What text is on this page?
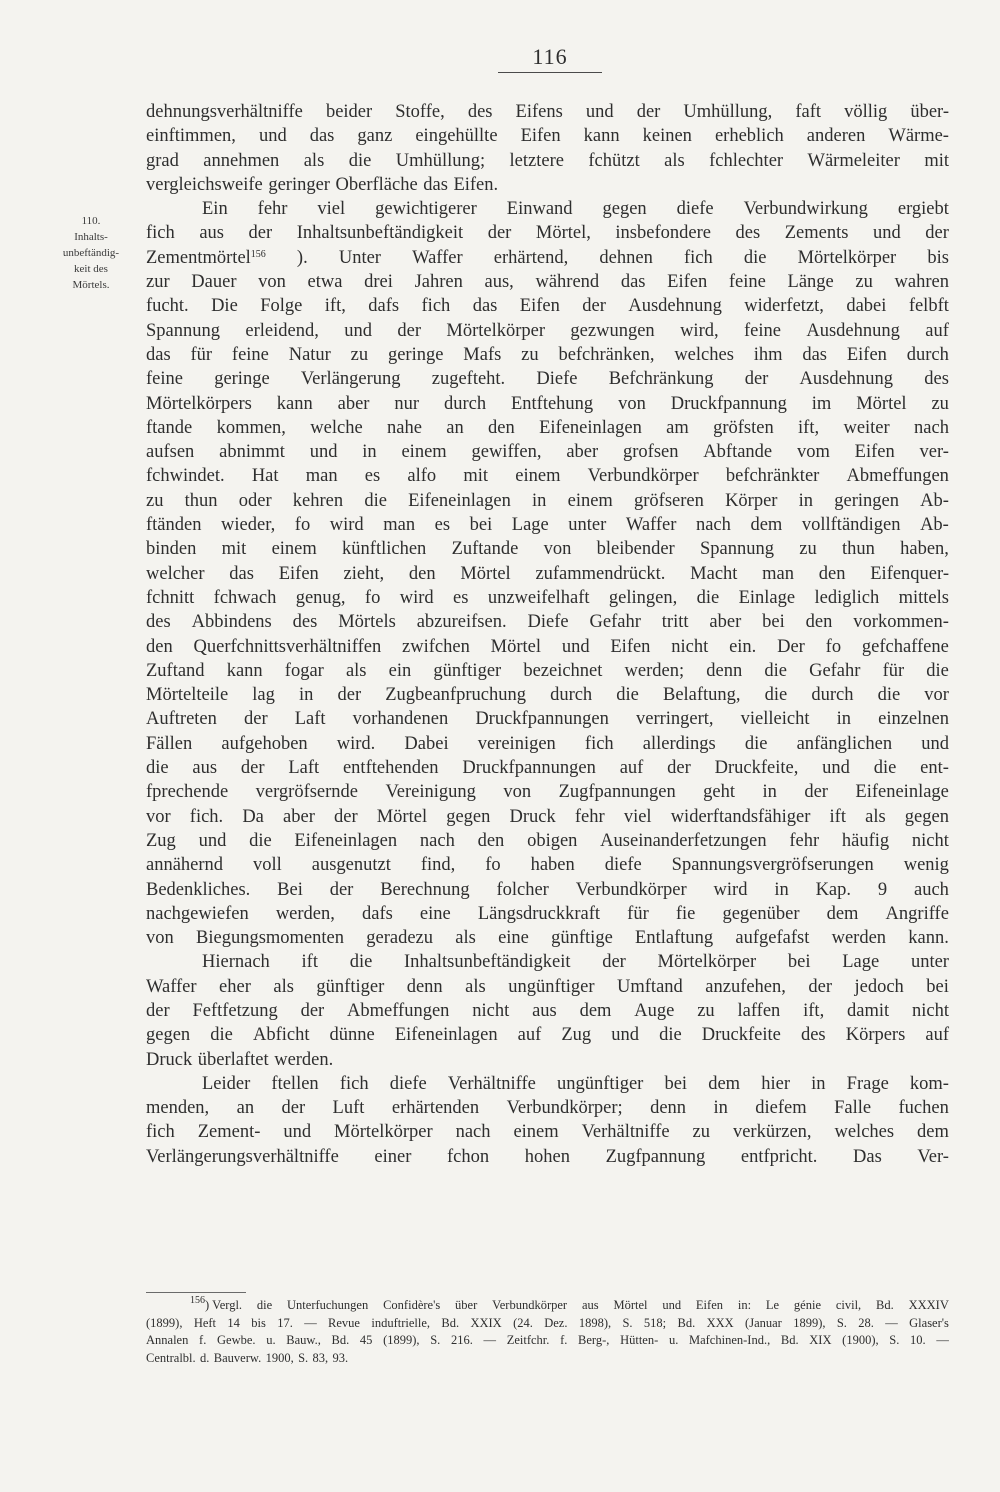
116
110.
Inhalts-
unbeftändig-
keit des
Mörtels.
dehnungsverhältniffe beider Stoffe, des Eifens und der Umhüllung, faft völlig über-
einftimmen, und das ganz eingehüllte Eifen kann keinen erheblich anderen Wärme-
grad annehmen als die Umhüllung; letztere fchützt als fchlechter Wärmeleiter mit
vergleichsweife geringer Oberfläche das Eifen.
Ein fehr viel gewichtigerer Einwand gegen diefe Verbundwirkung ergiebt
fich aus der Inhaltsunbeftändigkeit der Mörtel, insbefondere des Zements und der
Zementmörtel$^{156}$ ). Unter Waffer erhärtend, dehnen fich die Mörtelkörper bis
zur Dauer von etwa drei Jahren aus, während das Eifen feine Länge zu wahren
fucht. Die Folge ift, dafs fich das Eifen der Ausdehnung widerfetzt, dabei felbft
Spannung erleidend, und der Mörtelkörper gezwungen wird, feine Ausdehnung auf
das für feine Natur zu geringe Mafs zu befchränken, welches ihm das Eifen durch
feine geringe Verlängerung zugefteht. Diefe Befchränkung der Ausdehnung des
Mörtelkörpers kann aber nur durch Entftehung von Druckfpannung im Mörtel zu
ftande kommen, welche nahe an den Eifeneinlagen am gröfsten ift, weiter nach
aufsen abnimmt und in einem gewiffen, aber grofsen Abftande vom Eifen ver-
fchwindet. Hat man es alfo mit einem Verbundkörper befchränkter Abmeffungen
zu thun oder kehren die Eifeneinlagen in einem gröfseren Körper in geringen Ab-
ftänden wieder, fo wird man es bei Lage unter Waffer nach dem vollftändigen Ab-
binden mit einem künftlichen Zuftande von bleibender Spannung zu thun haben,
welcher das Eifen zieht, den Mörtel zufammendrückt. Macht man den Eifenquer-
fchnitt fchwach genug, fo wird es unzweifelhaft gelingen, die Einlage lediglich mittels
des Abbindens des Mörtels abzureifsen. Diefe Gefahr tritt aber bei den vorkommen-
den Querfchnittsverhältniffen zwifchen Mörtel und Eifen nicht ein. Der fo gefchaffene
Zuftand kann fogar als ein günftiger bezeichnet werden; denn die Gefahr für die
Mörtelteile lag in der Zugbeanfpruchung durch die Belaftung, die durch die vor
Auftreten der Laft vorhandenen Druckfpannungen verringert, vielleicht in einzelnen
Fällen aufgehoben wird. Dabei vereinigen fich allerdings die anfänglichen und
die aus der Laft entftehenden Druckfpannungen auf der Druckfeite, und die ent-
fprechende vergröfsernde Vereinigung von Zugfpannungen geht in der Eifeneinlage
vor fich. Da aber der Mörtel gegen Druck fehr viel widerftandsfähiger ift als gegen
Zug und die Eifeneinlagen nach den obigen Auseinanderfetzungen fehr häufig nicht
annähernd voll ausgenutzt find, fo haben diefe Spannungsvergröfserungen wenig
Bedenkliches. Bei der Berechnung folcher Verbundkörper wird in Kap. 9 auch
nachgewiefen werden, dafs eine Längsdruckkraft für fie gegenüber dem Angriffe
von Biegungsmomenten geradezu als eine günftige Entlaftung aufgefafst werden kann.
Hiernach ift die Inhaltsunbeftändigkeit der Mörtelkörper bei Lage unter
Waffer eher als günftiger denn als ungünftiger Umftand anzufehen, der jedoch bei
der Feftfetzung der Abmeffungen nicht aus dem Auge zu laffen ift, damit nicht
gegen die Abficht dünne Eifeneinlagen auf Zug und die Druckfeite des Körpers auf
Druck überlaftet werden.
Leider ftellen fich diefe Verhältniffe ungünftiger bei dem hier in Frage kom-
menden, an der Luft erhärtenden Verbundkörper; denn in diefem Falle fuchen
fich Zement- und Mörtelkörper nach einem Verhältniffe zu verkürzen, welches dem
Verlängerungsverhältniffe einer fchon hohen Zugfpannung entfpricht. Das Ver-
$^{156}$) Vergl. die Unterfuchungen Confidère's über Verbundkörper aus Mörtel und Eifen in: Le génie civil, Bd. XXXIV
(1899), Heft 14 bis 17. — Revue induftrielle, Bd. XXIX (24. Dez. 1898), S. 518; Bd. XXX (Januar 1899), S. 28. — Glaser's
Annalen f. Gewbe. u. Bauw., Bd. 45 (1899), S. 216. — Zeitfchr. f. Berg-, Hütten- u. Mafchinen-Ind., Bd. XIX (1900), S. 10. —
Centralbl. d. Bauverw. 1900, S. 83, 93.
